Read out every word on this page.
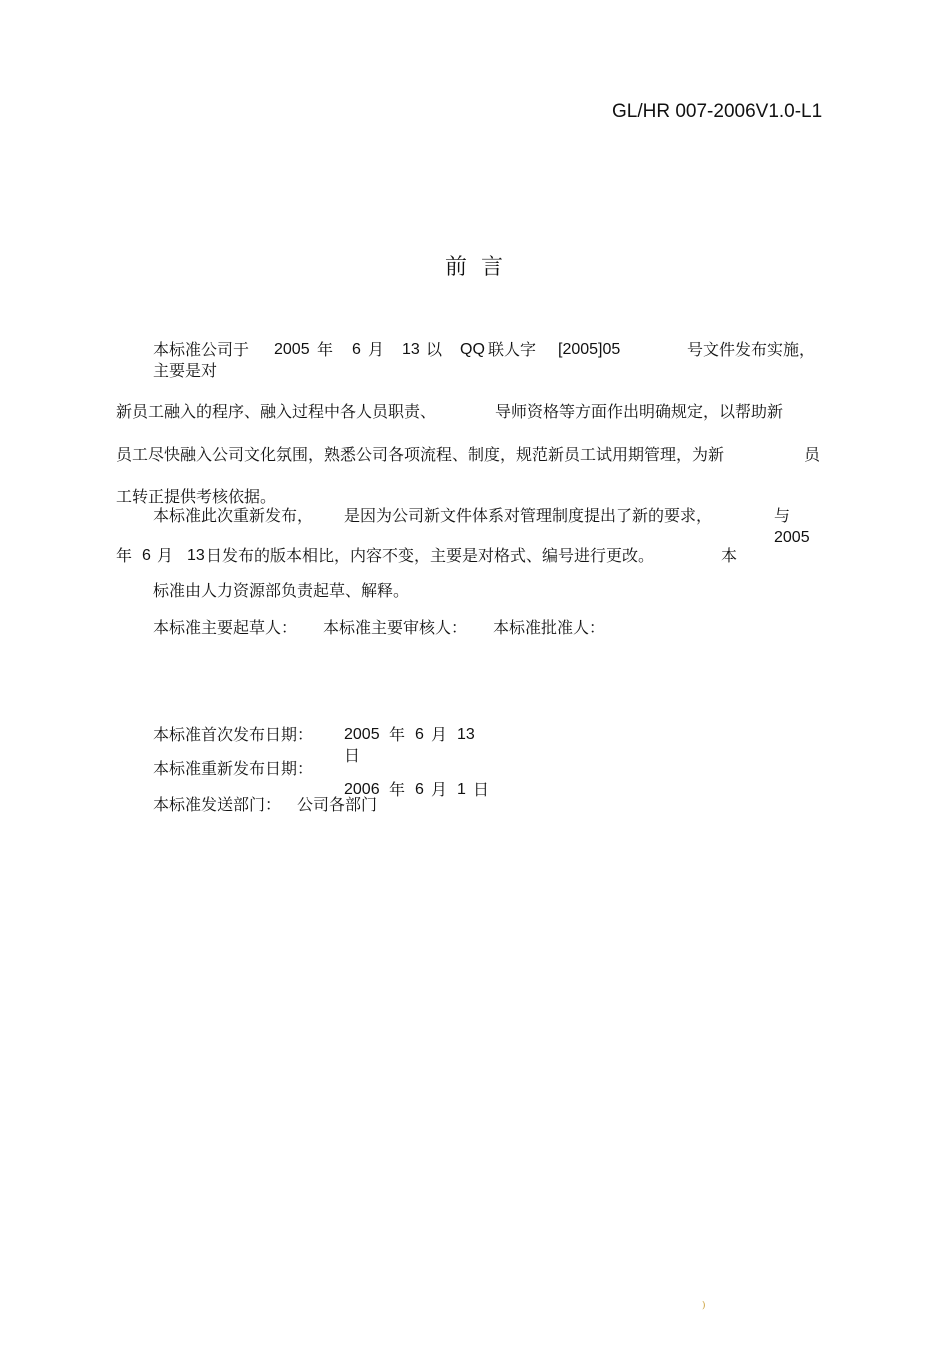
GL/HR 007-2006V1.0-L1
前言
本标准公司于 2005 年 6 月 13 以 QQ 联人字 [2005]05	号文件发布实施，
主要是对
新员工融入的程序、融入过程中各人员职责、	导师资格等方面作出明确规定，以帮助新
员工尽快融入公司文化氛围，熟悉公司各项流程、制度，规范新员工试用期管理，为新	员
工转正提供考核依据。
本标准此次重新发布， 是因为公司新文件体系对管理制度提出了新的要求，	与
2005
年 6 月 13 日发布的版本相比，内容不变，主要是对格式、编号进行更改。	本
标准由人力资源部负责起草、解释。
本标准主要起草人： 本标准主要审核人： 本标准批准人：
本标准首次发布日期： 2005 年 6 月 13
日
本标准重新发布日期：
2006 年 6 月 1 日
本标准发送部门： 公司各部门
)
